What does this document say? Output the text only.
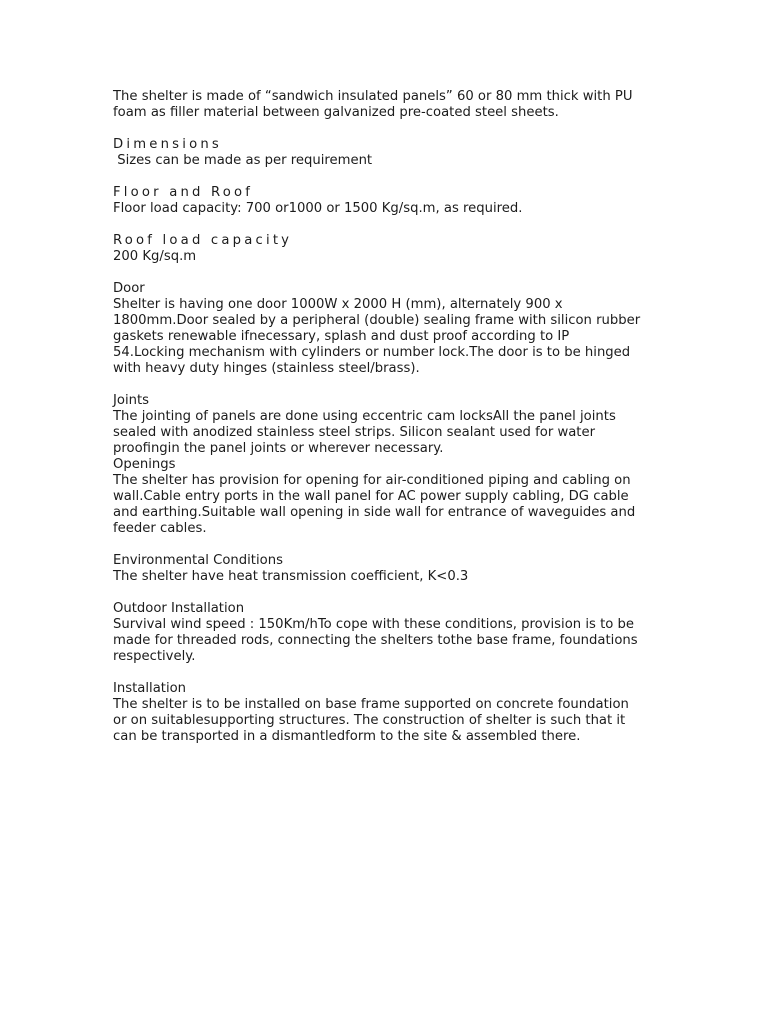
The shelter is made of “sandwich insulated panels” 60 or 80 mm thick with PU
foam as filler material between galvanized pre-coated steel sheets.
Dimensions
Sizes can be made as per requirement
Floor and Roof
Floor load capacity: 700 or1000 or 1500 Kg/sq.m, as required.
Roof load capacity
200 Kg/sq.m
Door
Shelter is having one door 1000W x 2000 H (mm), alternately 900 x
1800mm.Door sealed by a peripheral (double) sealing frame with silicon rubber
gaskets renewable ifnecessary, splash and dust proof according to IP
54.Locking mechanism with cylinders or number lock.The door is to be hinged
with heavy duty hinges (stainless steel/brass).
Joints
The jointing of panels are done using eccentric cam locksAll the panel joints
sealed with anodized stainless steel strips. Silicon sealant used for water
proofingin the panel joints or wherever necessary.
Openings
The shelter has provision for opening for air-conditioned piping and cabling on
wall.Cable entry ports in the wall panel for AC power supply cabling, DG cable
and earthing.Suitable wall opening in side wall for entrance of waveguides and
feeder cables.
Environmental Conditions
The shelter have heat transmission coefficient, K<0.3
Outdoor Installation
Survival wind speed : 150Km/hTo cope with these conditions, provision is to be
made for threaded rods, connecting the shelters tothe base frame, foundations
respectively.
Installation
The shelter is to be installed on base frame supported on concrete foundation
or on suitablesupporting structures. The construction of shelter is such that it
can be transported in a dismantledform to the site & assembled there.
